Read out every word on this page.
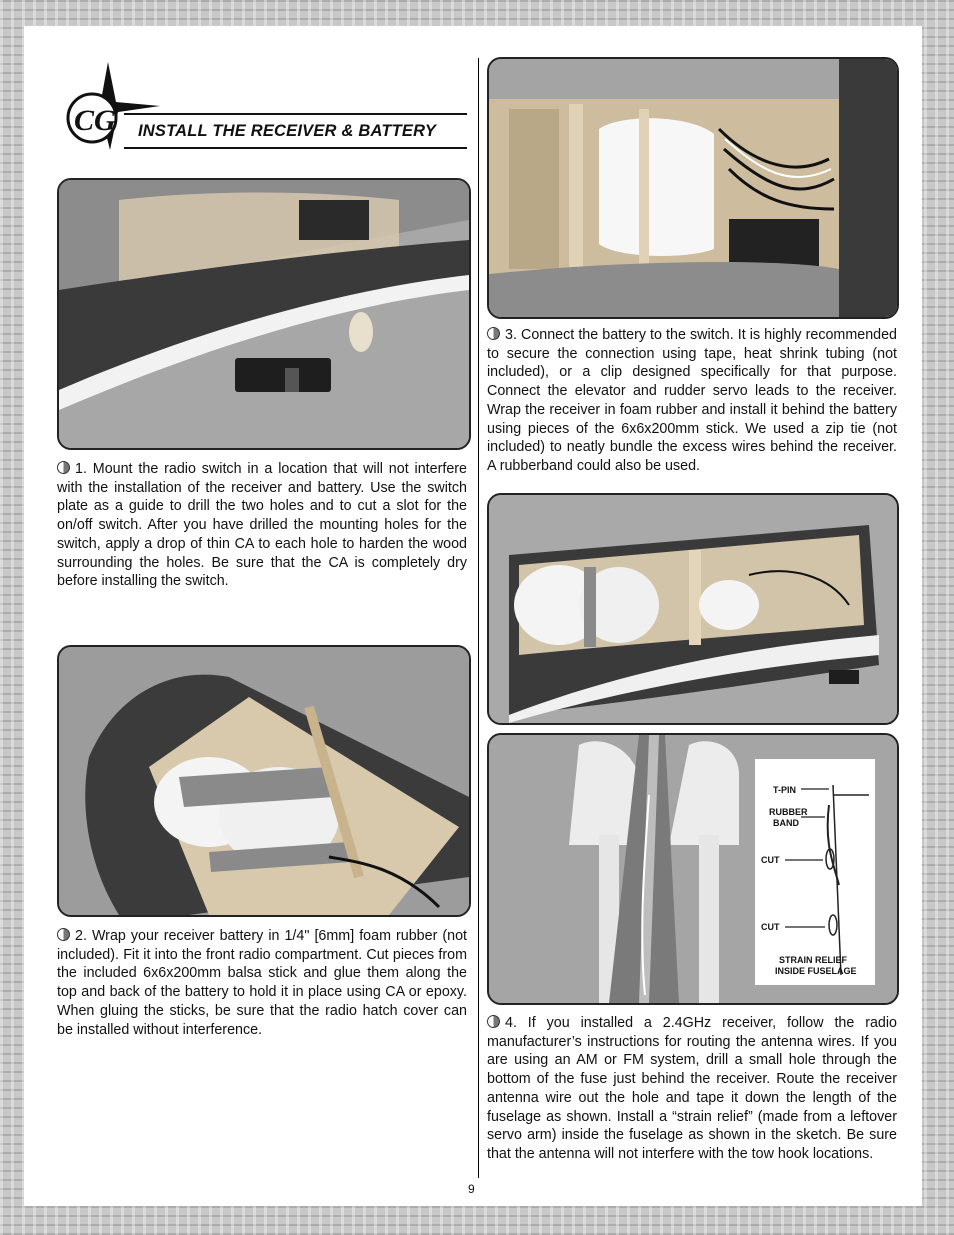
CG INSTALL THE RECEIVER & BATTERY

1. Mount the radio switch in a location that will not interfere with the installation of the receiver and battery. Use the switch plate as a guide to drill the two holes and to cut a slot for the on/off switch. After you have drilled the mounting holes for the switch, apply a drop of thin CA to each hole to harden the wood surrounding the holes. Be sure that the CA is completely dry before installing the switch.

2. Wrap your receiver battery in 1/4" [6mm] foam rubber (not included). Fit it into the front radio compartment. Cut pieces from the included 6x6x200mm balsa stick and glue them along the top and back of the battery to hold it in place using CA or epoxy. When gluing the sticks, be sure that the radio hatch cover can be installed without interference.

3. Connect the battery to the switch. It is highly recommended to secure the connection using tape, heat shrink tubing (not included), or a clip designed specifically for that purpose. Connect the elevator and rudder servo leads to the receiver. Wrap the receiver in foam rubber and install it behind the battery using pieces of the 6x6x200mm stick. We used a zip tie (not included) to neatly bundle the excess wires behind the receiver. A rubberband could also be used.

T-PIN
RUBBER
BAND
CUT
CUT
STRAIN RELIEF
INSIDE FUSELAGE

4. If you installed a 2.4GHz receiver, follow the radio manufacturer’s instructions for routing the antenna wires. If you are using an AM or FM system, drill a small hole through the bottom of the fuse just behind the receiver. Route the receiver antenna wire out the hole and tape it down the length of the fuselage as shown. Install a “strain relief” (made from a leftover servo arm) inside the fuselage as shown in the sketch. Be sure that the antenna will not interfere with the tow hook locations.

9
